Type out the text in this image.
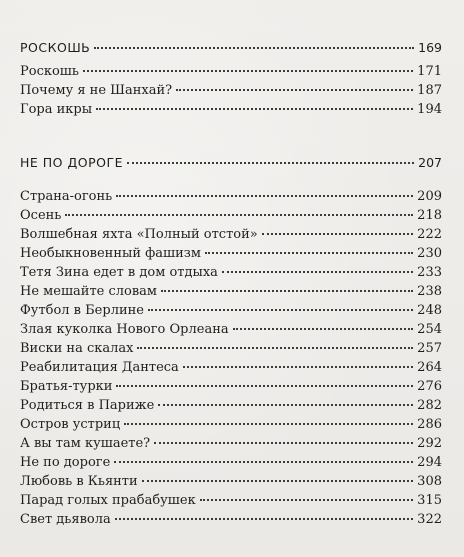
РОСКОШЬ	169
Роскошь	171
Почему я не Шанхай?	187
Гора икры	194
НЕ ПО ДОРОГЕ	207
Страна-огонь	209
Осень	218
Волшебная яхта «Полный отстой»	222
Необыкновенный фашизм	230
Тетя Зина едет в дом отдыха	233
Не мешайте словам	238
Футбол в Берлине	248
Злая куколка Нового Орлеана	254
Виски на скалах	257
Реабилитация Дантеса	264
Братья-турки	276
Родиться в Париже	282
Остров устриц	286
А вы там кушаете?	292
Не по дороге	294
Любовь в Кьянти	308
Парад голых прабабушек	315
Свет дьявола	322
